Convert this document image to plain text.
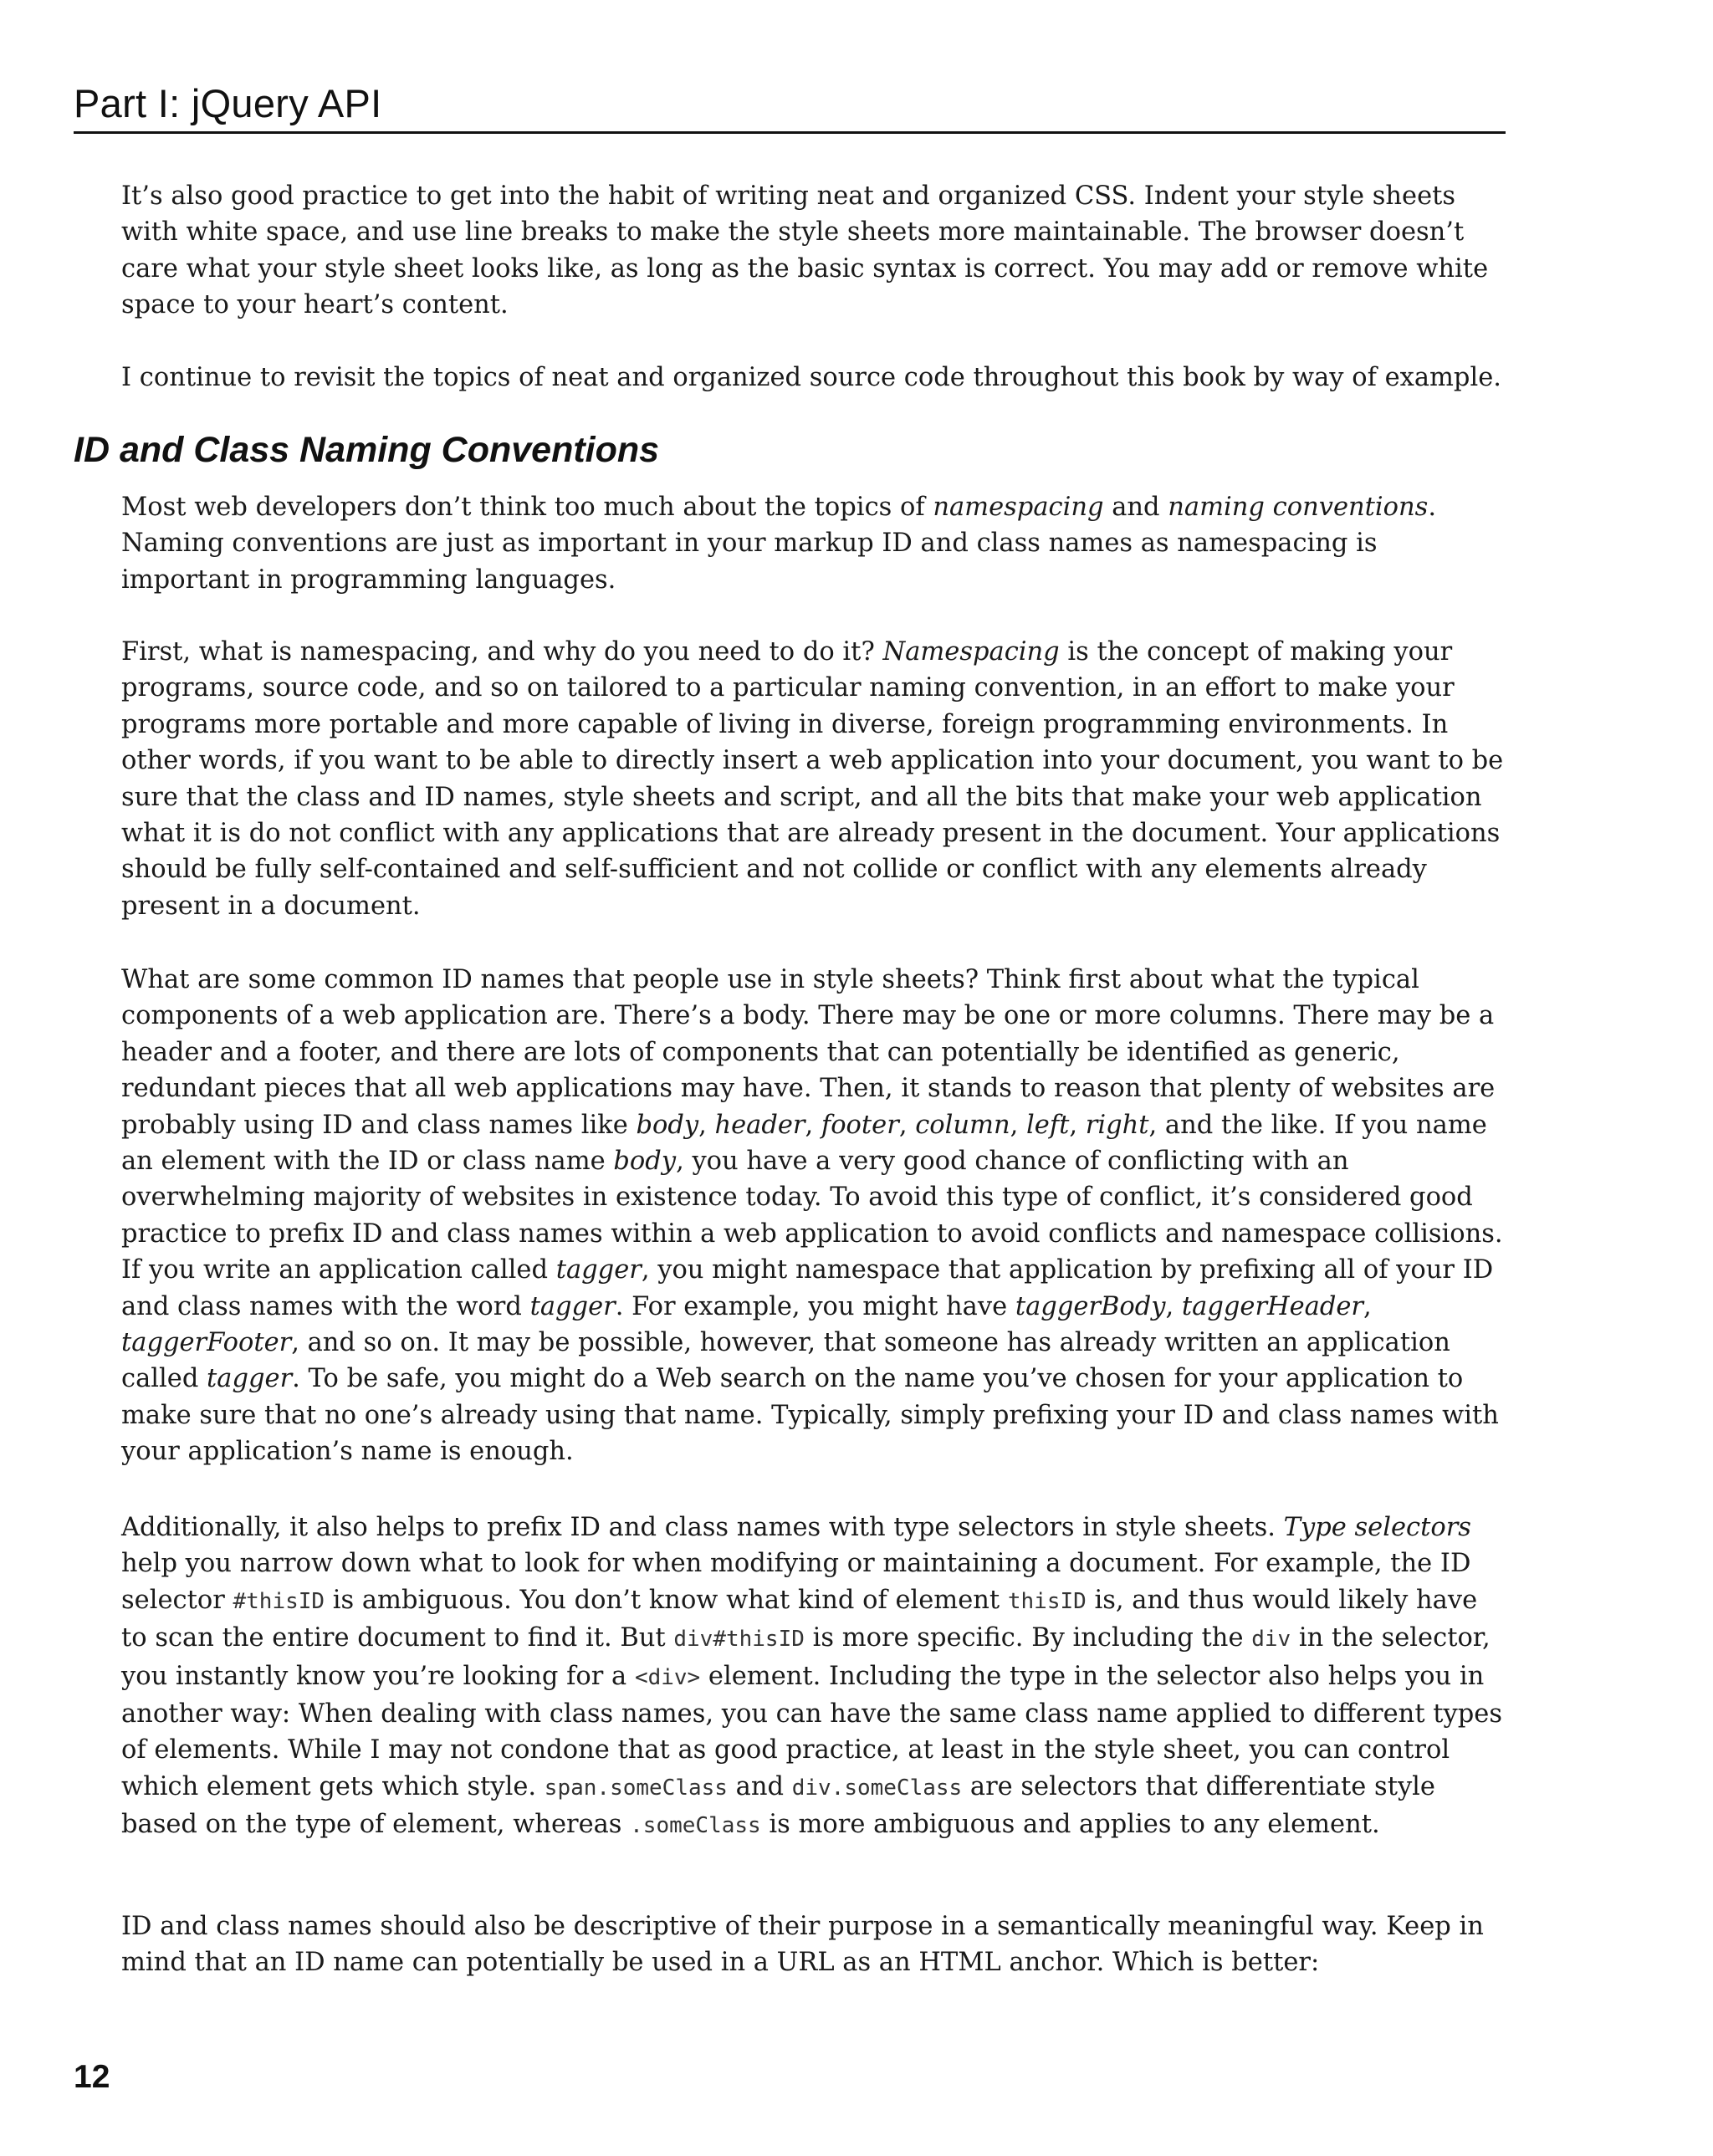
Part I: jQuery API

It’s also good practice to get into the habit of writing neat and organized CSS. Indent your style sheets with white space, and use line breaks to make the style sheets more maintainable. The browser doesn’t care what your style sheet looks like, as long as the basic syntax is correct. You may add or remove white space to your heart’s content.

I continue to revisit the topics of neat and organized source code throughout this book by way of example.

ID and Class Naming Conventions

Most web developers don’t think too much about the topics of namespacing and naming conventions. Naming conventions are just as important in your markup ID and class names as namespacing is important in programming languages.

First, what is namespacing, and why do you need to do it? Namespacing is the concept of making your programs, source code, and so on tailored to a particular naming convention, in an effort to make your programs more portable and more capable of living in diverse, foreign programming environments. In other words, if you want to be able to directly insert a web application into your document, you want to be sure that the class and ID names, style sheets and script, and all the bits that make your web application what it is do not conflict with any applications that are already present in the document. Your applications should be fully self-contained and self-sufficient and not collide or conflict with any elements already present in a document.

What are some common ID names that people use in style sheets? Think first about what the typical components of a web application are. There’s a body. There may be one or more columns. There may be a header and a footer, and there are lots of components that can potentially be identified as generic, redundant pieces that all web applications may have. Then, it stands to reason that plenty of websites are probably using ID and class names like body, header, footer, column, left, right, and the like. If you name an element with the ID or class name body, you have a very good chance of conflicting with an overwhelming majority of websites in existence today. To avoid this type of conflict, it’s considered good practice to prefix ID and class names within a web application to avoid conflicts and namespace collisions. If you write an application called tagger, you might namespace that application by prefixing all of your ID and class names with the word tagger. For example, you might have taggerBody, taggerHeader, taggerFooter, and so on. It may be possible, however, that someone has already written an application called tagger. To be safe, you might do a Web search on the name you’ve chosen for your application to make sure that no one’s already using that name. Typically, simply prefixing your ID and class names with your application’s name is enough.

Additionally, it also helps to prefix ID and class names with type selectors in style sheets. Type selectors help you narrow down what to look for when modifying or maintaining a document. For example, the ID selector #thisID is ambiguous. You don’t know what kind of element thisID is, and thus would likely have to scan the entire document to find it. But div#thisID is more specific. By including the div in the selector, you instantly know you’re looking for a <div> element. Including the type in the selector also helps you in another way: When dealing with class names, you can have the same class name applied to different types of elements. While I may not condone that as good practice, at least in the style sheet, you can control which element gets which style. span.someClass and div.someClass are selectors that differentiate style based on the type of element, whereas .someClass is more ambiguous and applies to any element.

ID and class names should also be descriptive of their purpose in a semantically meaningful way. Keep in mind that an ID name can potentially be used in a URL as an HTML anchor. Which is better:

12
